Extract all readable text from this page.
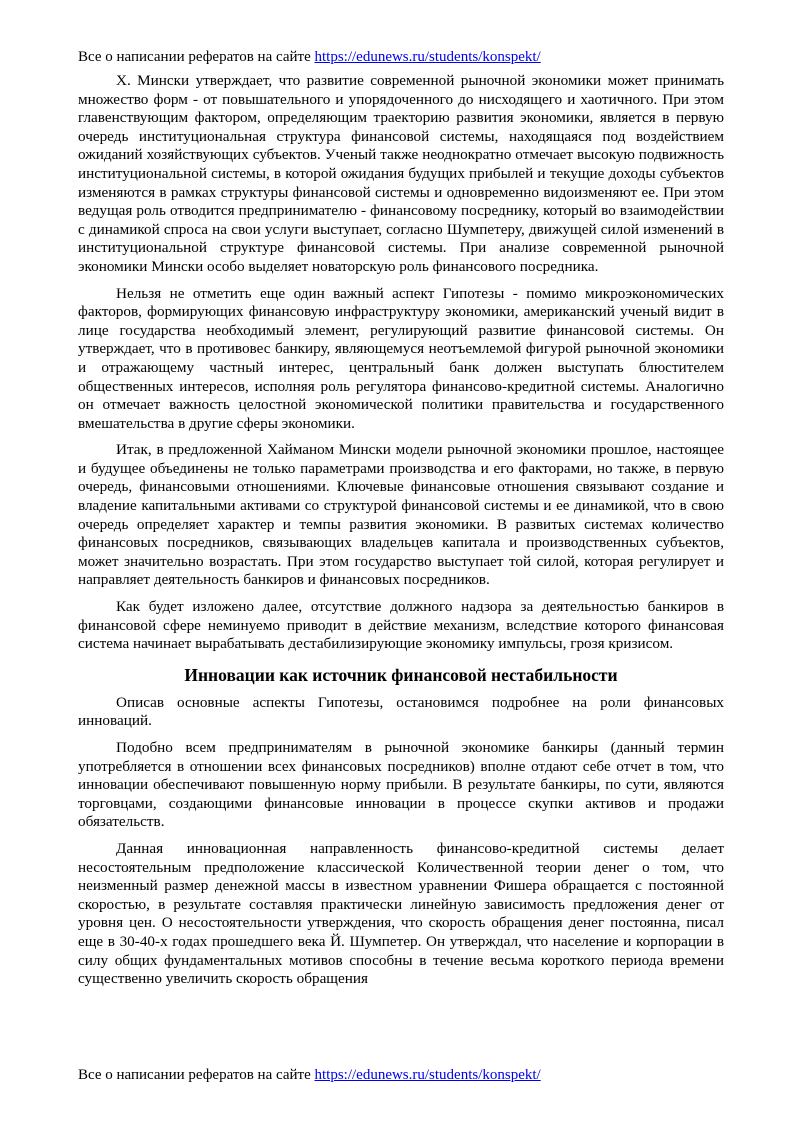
Все о написании рефератов на сайте https://edunews.ru/students/konspekt/

Х. Мински утверждает, что развитие современной рыночной экономики может принимать множество форм - от повышательного и упорядоченного до нисходящего и хаотичного. При этом главенствующим фактором, определяющим траекторию развития экономики, является в первую очередь институциональная структура финансовой системы, находящаяся под воздействием ожиданий хозяйствующих субъектов. Ученый также неоднократно отмечает высокую подвижность институциональной системы, в которой ожидания будущих прибылей и текущие доходы субъектов изменяются в рамках структуры финансовой системы и одновременно видоизменяют ее. При этом ведущая роль отводится предпринимателю - финансовому посреднику, который во взаимодействии с динамикой спроса на свои услуги выступает, согласно Шумпетеру, движущей силой изменений в институциональной структуре финансовой системы. При анализе современной рыночной экономики Мински особо выделяет новаторскую роль финансового посредника.

Нельзя не отметить еще один важный аспект Гипотезы - помимо микроэкономических факторов, формирующих финансовую инфраструктуру экономики, американский ученый видит в лице государства необходимый элемент, регулирующий развитие финансовой системы. Он утверждает, что в противовес банкиру, являющемуся неотъемлемой фигурой рыночной экономики и отражающему частный интерес, центральный банк должен выступать блюстителем общественных интересов, исполняя роль регулятора финансово-кредитной системы. Аналогично он отмечает важность целостной экономической политики правительства и государственного вмешательства в другие сферы экономики.

Итак, в предложенной Хайманом Мински модели рыночной экономики прошлое, настоящее и будущее объединены не только параметрами производства и его факторами, но также, в первую очередь, финансовыми отношениями. Ключевые финансовые отношения связывают создание и владение капитальными активами со структурой финансовой системы и ее динамикой, что в свою очередь определяет характер и темпы развития экономики. В развитых системах количество финансовых посредников, связывающих владельцев капитала и производственных субъектов, может значительно возрастать. При этом государство выступает той силой, которая регулирует и направляет деятельность банкиров и финансовых посредников.

Как будет изложено далее, отсутствие должного надзора за деятельностью банкиров в финансовой сфере неминуемо приводит в действие механизм, вследствие которого финансовая система начинает вырабатывать дестабилизирующие экономику импульсы, грозя кризисом.

Инновации как источник финансовой нестабильности

Описав основные аспекты Гипотезы, остановимся подробнее на роли финансовых инноваций.

Подобно всем предпринимателям в рыночной экономике банкиры (данный термин употребляется в отношении всех финансовых посредников) вполне отдают себе отчет в том, что инновации обеспечивают повышенную норму прибыли. В результате банкиры, по сути, являются торговцами, создающими финансовые инновации в процессе скупки активов и продажи обязательств.

Данная инновационная направленность финансово-кредитной системы делает несостоятельным предположение классической Количественной теории денег о том, что неизменный размер денежной массы в известном уравнении Фишера обращается с постоянной скоростью, в результате составляя практически линейную зависимость предложения денег от уровня цен. О несостоятельности утверждения, что скорость обращения денег постоянна, писал еще в 30-40-х годах прошедшего века Й. Шумпетер. Он утверждал, что население и корпорации в силу общих фундаментальных мотивов способны в течение весьма короткого периода времени существенно увеличить скорость обращения

Все о написании рефератов на сайте https://edunews.ru/students/konspekt/
